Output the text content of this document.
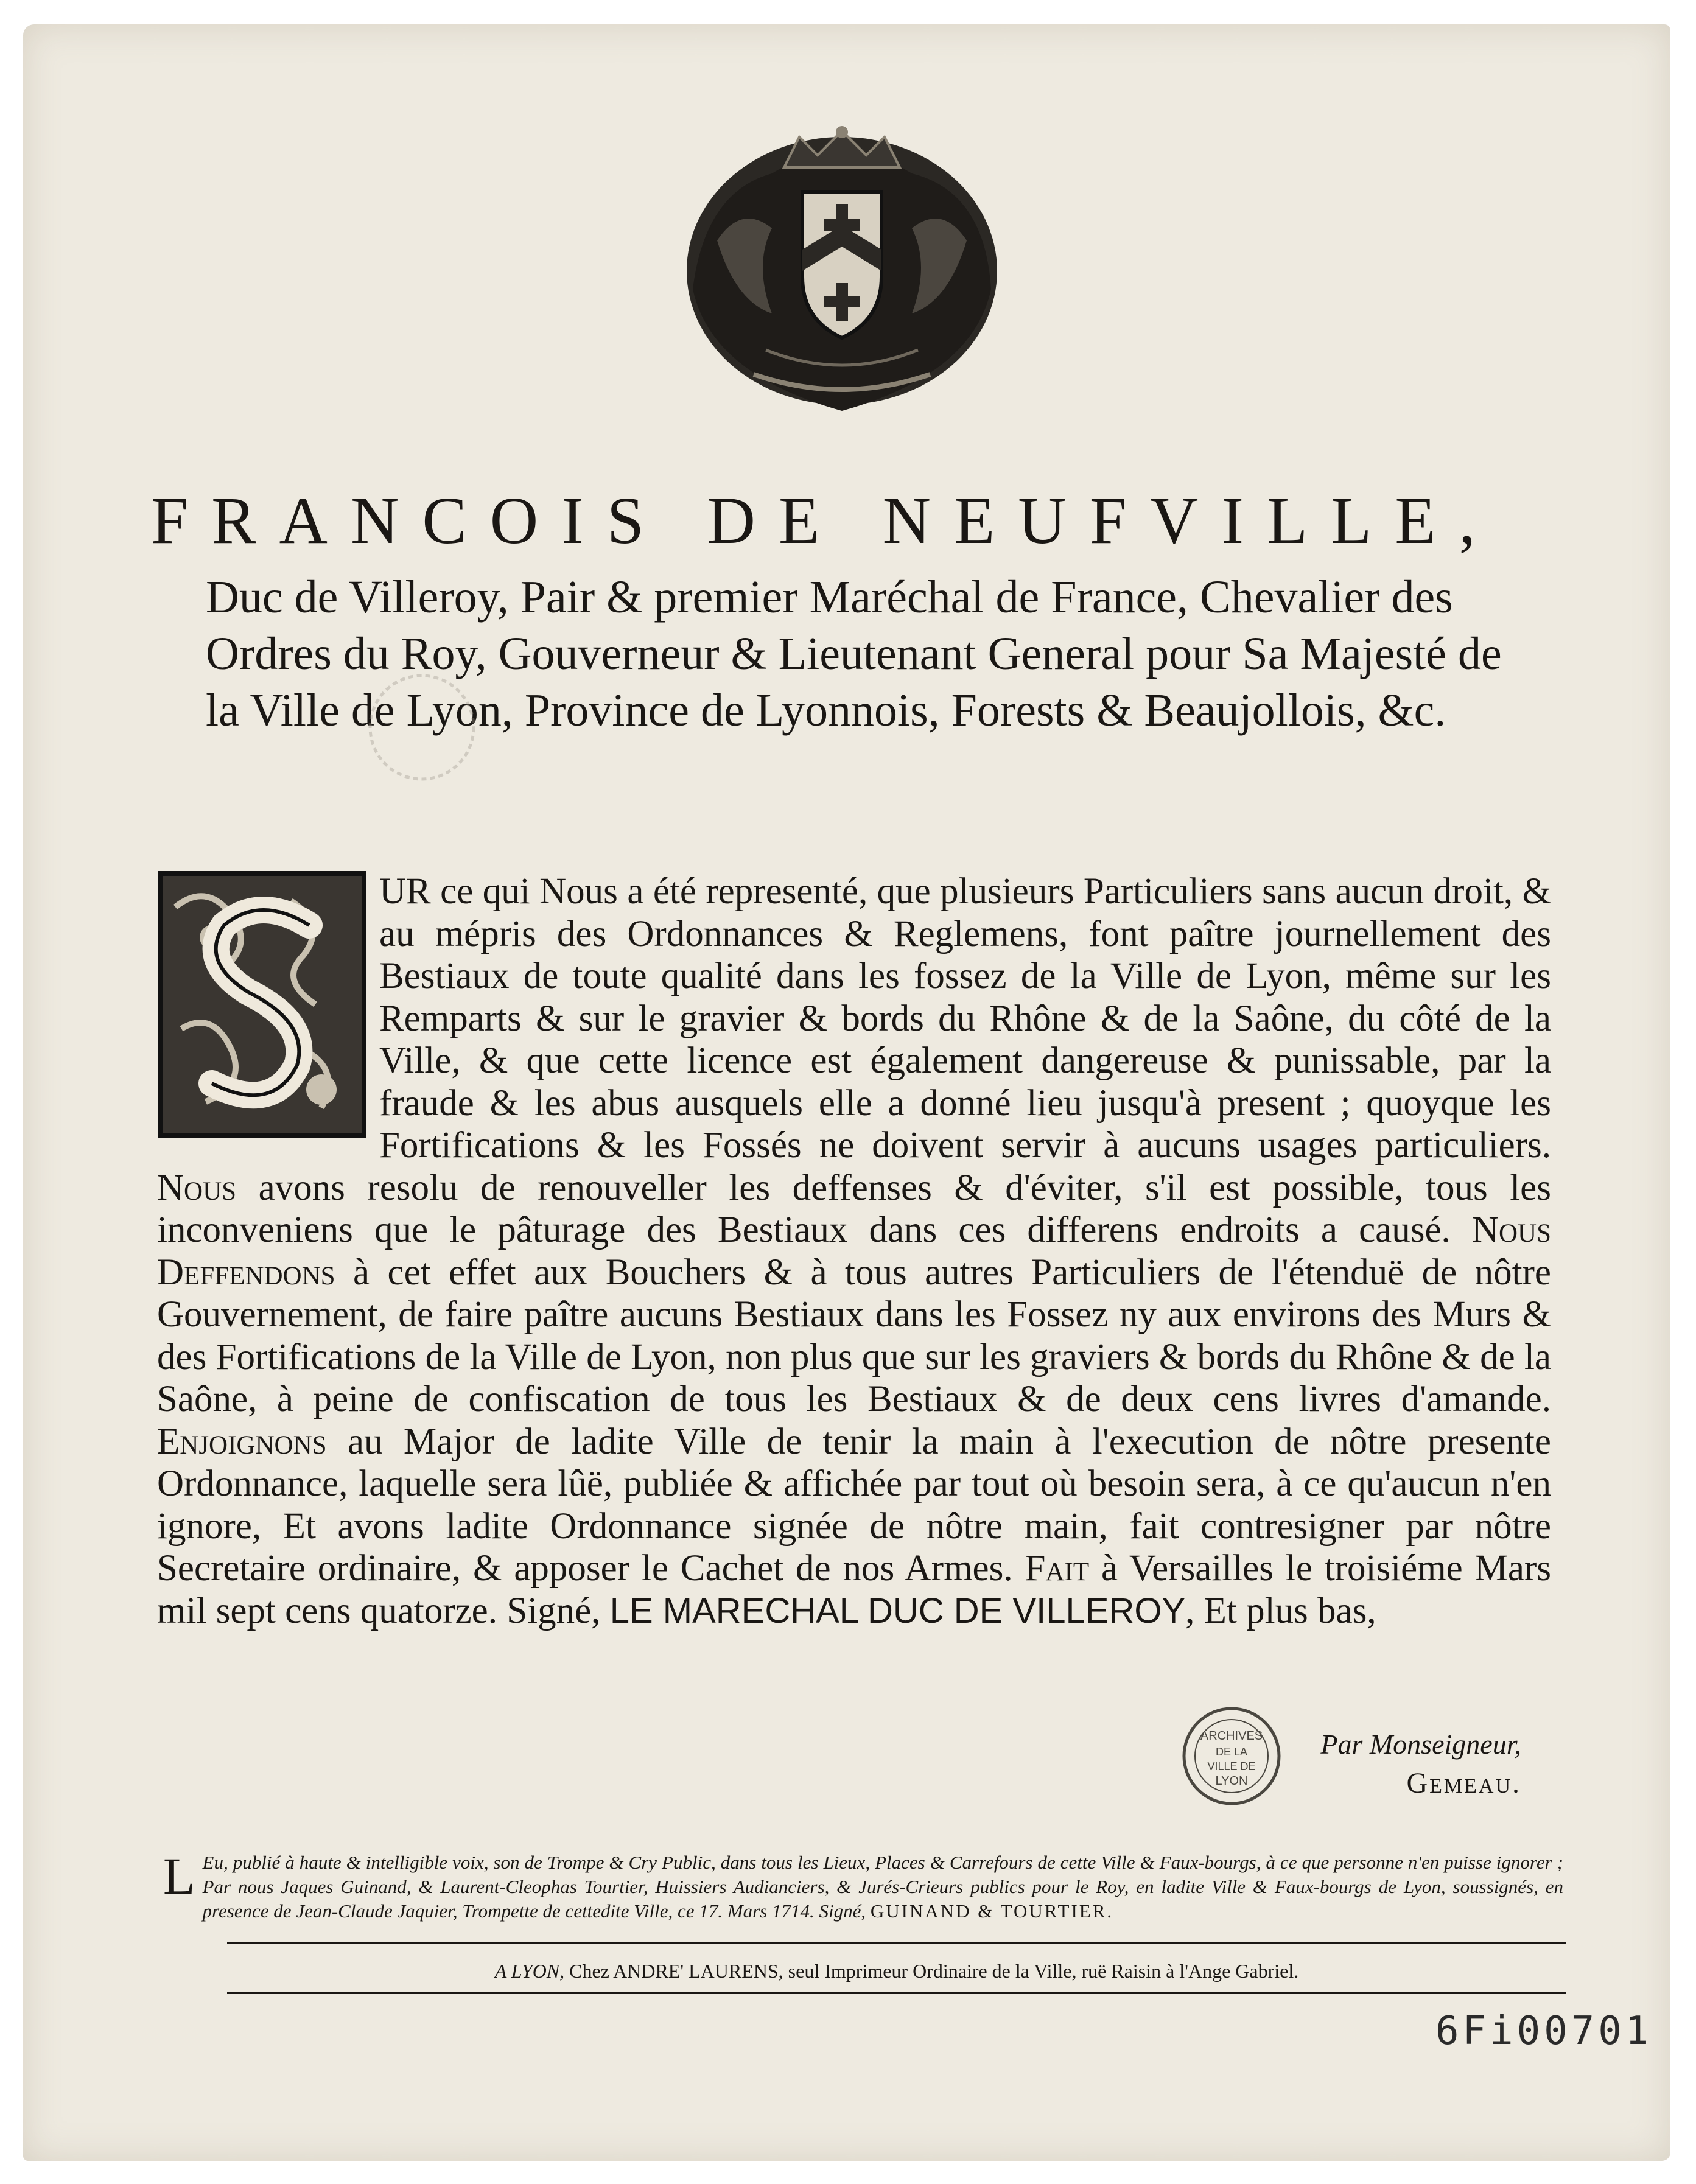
FRANCOIS DE NEUFVILLE,
Duc de Villeroy, Pair & premier Maréchal de France, Chevalier des Ordres du Roy, Gouverneur & Lieutenant General pour Sa Majesté de la Ville de Lyon, Province de Lyonnois, Forests & Beaujollois, &c.
UR ce qui Nous a été representé, que plusieurs Particuliers sans aucun droit, & au mépris des Ordonnances & Reglemens, font paître journellement des Bestiaux de toute qualité dans les fossez de la Ville de Lyon, même sur les Remparts & sur le gravier & bords du Rhône & de la Saône, du côté de la Ville, & que cette licence est également dangereuse & punissable, par la fraude & les abus ausquels elle a donné lieu jusqu'à present ; quoyque les Fortifications & les Fossés ne doivent servir à aucuns usages particuliers. Nous avons resolu de renouveller les deffenses & d'éviter, s'il est possible, tous les inconveniens que le pâturage des Bestiaux dans ces differens endroits a causé. Nous Deffendons à cet effet aux Bouchers & à tous autres Particuliers de l'étenduë de nôtre Gouvernement, de faire paître aucuns Bestiaux dans les Fossez ny aux environs des Murs & des Fortifications de la Ville de Lyon, non plus que sur les graviers & bords du Rhône & de la Saône, à peine de confiscation de tous les Bestiaux & de deux cens livres d'amande. Enjoignons au Major de ladite Ville de tenir la main à l'execution de nôtre presente Ordonnance, laquelle sera lûë, publiée & affichée par tout où besoin sera, à ce qu'aucun n'en ignore, Et avons ladite Ordonnance signée de nôtre main, fait contresigner par nôtre Secretaire ordinaire, & apposer le Cachet de nos Armes. Fait à Versailles le troisiéme Mars mil sept cens quatorze. Signé, LE MARECHAL DUC DE VILLEROY, Et plus bas,
ARCHIVES
DE LA
VILLE DE
LYON
Par Monseigneur,
Gemeau.
L Eu, publié à haute & intelligible voix, son de Trompe & Cry Public, dans tous les Lieux, Places & Carrefours de cette Ville & Faux-bourgs, à ce que personne n'en puisse ignorer ; Par nous Jaques Guinand, & Laurent-Cleophas Tourtier, Huissiers Audianciers, & Jurés-Crieurs publics pour le Roy, en ladite Ville & Faux-bourgs de Lyon, soussignés, en presence de Jean-Claude Jaquier, Trompette de cettedite Ville, ce 17. Mars 1714. Signé, GUINAND & TOURTIER.
A LYON, Chez ANDRE' LAURENS, seul Imprimeur Ordinaire de la Ville, ruë Raisin à l'Ange Gabriel.
6Fi00701
